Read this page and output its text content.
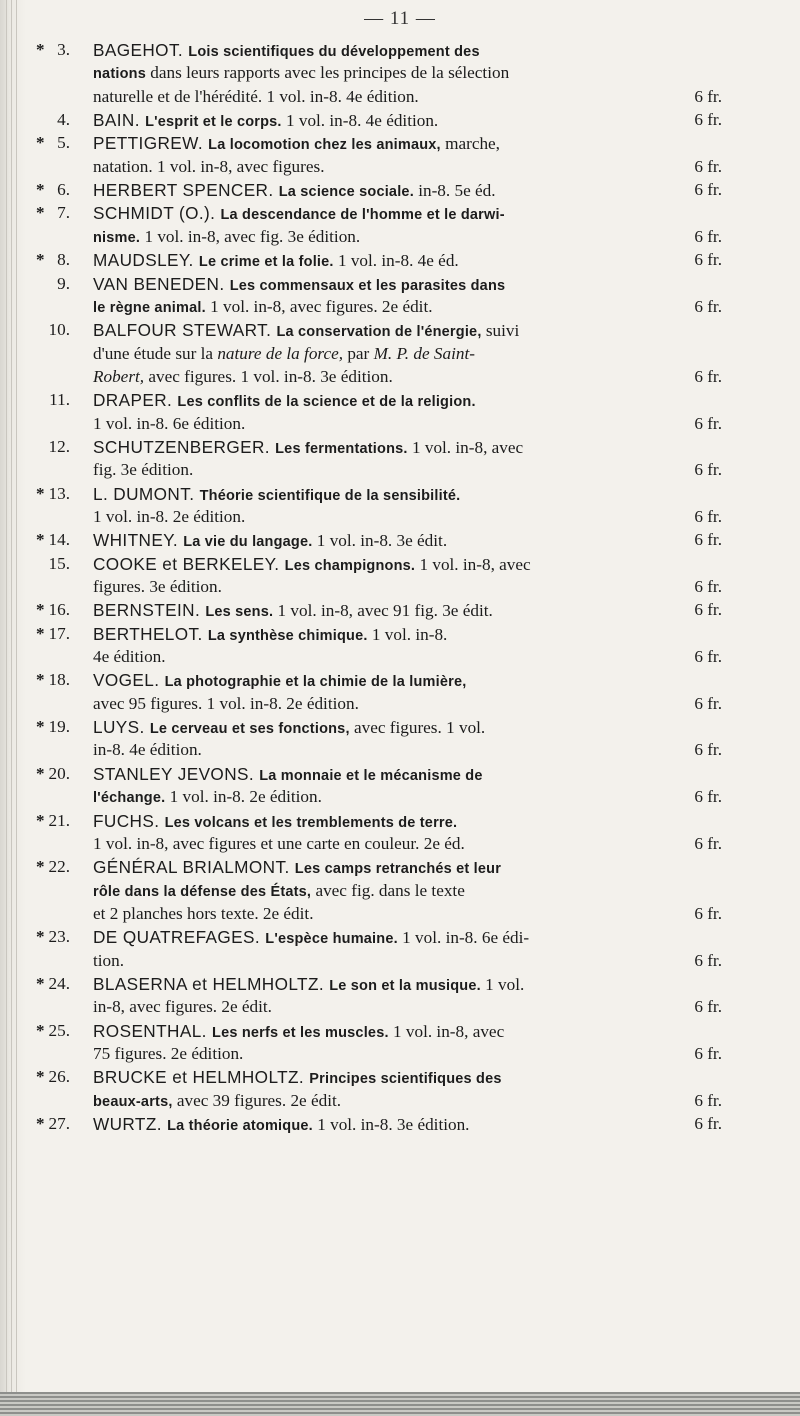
— 11 —
* 3. BAGEHOT. Lois scientifiques du développement des
nations dans leurs rapports avec les principes de la sélection
naturelle et de l'hérédité. 1 vol. in-8. 4e édition.	6 fr.
4. BAIN. L'esprit et le corps. 1 vol. in-8. 4e édition.	6 fr.
* 5. PETTIGREW. La locomotion chez les animaux, marche,
natation. 1 vol. in-8, avec figures.	6 fr.
* 6. HERBERT SPENCER. La science sociale. in-8. 5e éd.	6 fr.
* 7. SCHMIDT (O.). La descendance de l'homme et le darwi-
nisme. 1 vol. in-8, avec fig. 3e édition.	6 fr.
* 8. MAUDSLEY. Le crime et la folie. 1 vol. in-8. 4e éd.	6 fr.
9. VAN BENEDEN. Les commensaux et les parasites dans
le règne animal. 1 vol. in-8, avec figures. 2e édit.	6 fr.
10. BALFOUR STEWART. La conservation de l'énergie, suivi
d'une étude sur la nature de la force, par M. P. de Saint-
Robert, avec figures. 1 vol. in-8. 3e édition.	6 fr.
11. DRAPER. Les conflits de la science et de la religion.
1 vol. in-8. 6e édition.	6 fr.
12. SCHUTZENBERGER. Les fermentations. 1 vol. in-8, avec
fig. 3e édition.	6 fr.
* 13. L. DUMONT. Théorie scientifique de la sensibilité.
1 vol. in-8. 2e édition.	6 fr.
* 14. WHITNEY. La vie du langage. 1 vol. in-8. 3e édit.	6 fr.
15. COOKE et BERKELEY. Les champignons. 1 vol. in-8, avec
figures. 3e édition.	6 fr.
* 16. BERNSTEIN. Les sens. 1 vol. in-8, avec 91 fig. 3e édit.	6 fr.
* 17. BERTHELOT. La synthèse chimique. 1 vol. in-8.
4e édition.	6 fr.
* 18. VOGEL. La photographie et la chimie de la lumière,
avec 95 figures. 1 vol. in-8. 2e édition.	6 fr.
* 19. LUYS. Le cerveau et ses fonctions, avec figures. 1 vol.
in-8. 4e édition.	6 fr.
* 20. STANLEY JEVONS. La monnaie et le mécanisme de
l'échange. 1 vol. in-8. 2e édition.	6 fr.
* 21. FUCHS. Les volcans et les tremblements de terre.
1 vol. in-8, avec figures et une carte en couleur. 2e éd.	6 fr.
* 22. GÉNÉRAL BRIALMONT. Les camps retranchés et leur
rôle dans la défense des États, avec fig. dans le texte
et 2 planches hors texte. 2e édit.	6 fr.
* 23. DE QUATREFAGES. L'espèce humaine. 1 vol. in-8. 6e édi-
tion.	6 fr.
* 24. BLASERNA et HELMHOLTZ. Le son et la musique. 1 vol.
in-8, avec figures. 2e édit.	6 fr.
* 25. ROSENTHAL. Les nerfs et les muscles. 1 vol. in-8, avec
75 figures. 2e édition.	6 fr.
* 26. BRUCKE et HELMHOLTZ. Principes scientifiques des
beaux-arts, avec 39 figures. 2e édit.	6 fr.
* 27. WURTZ. La théorie atomique. 1 vol. in-8. 3e édition.	6 fr.
